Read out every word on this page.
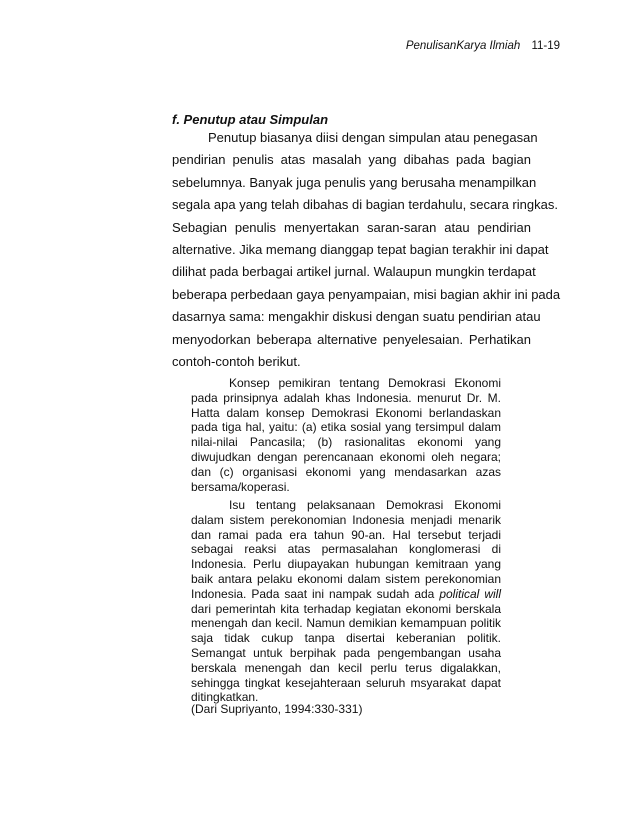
PenulisanKarya Ilmiah 11-19
f. Penutup atau Simpulan
Penutup biasanya diisi dengan simpulan atau penegasan
pendirian penulis atas masalah yang dibahas pada bagian
sebelumnya. Banyak juga penulis yang berusaha menampilkan
segala apa yang telah dibahas di bagian terdahulu, secara ringkas.
Sebagian penulis menyertakan saran-saran atau pendirian
alternative. Jika memang dianggap tepat bagian terakhir ini dapat
dilihat pada berbagai artikel jurnal. Walaupun mungkin terdapat
beberapa perbedaan gaya penyampaian, misi bagian akhir ini pada
dasarnya sama: mengakhir diskusi dengan suatu pendirian atau
menyodorkan beberapa alternative penyelesaian. Perhatikan
contoh-contoh berikut.
Konsep pemikiran tentang Demokrasi Ekonomi
pada prinsipnya adalah khas Indonesia. menurut Dr. M.
Hatta dalam konsep Demokrasi Ekonomi berlandaskan
pada tiga hal, yaitu: (a) etika sosial yang tersimpul dalam
nilai-nilai Pancasila; (b) rasionalitas ekonomi yang
diwujudkan dengan perencanaan ekonomi oleh negara;
dan (c) organisasi ekonomi yang mendasarkan azas
bersama/koperasi.
Isu tentang pelaksanaan Demokrasi Ekonomi
dalam sistem perekonomian Indonesia menjadi menarik
dan ramai pada era tahun 90-an. Hal tersebut terjadi
sebagai reaksi atas permasalahan konglomerasi di
Indonesia. Perlu diupayakan hubungan kemitraan yang
baik antara pelaku ekonomi dalam sistem perekonomian
Indonesia. Pada saat ini nampak sudah ada political will
dari pemerintah kita terhadap kegiatan ekonomi berskala
menengah dan kecil. Namun demikian kemampuan politik
saja tidak cukup tanpa disertai keberanian politik.
Semangat untuk berpihak pada pengembangan usaha
berskala menengah dan kecil perlu terus digalakkan,
sehingga tingkat kesejahteraan seluruh msyarakat dapat
ditingkatkan.
(Dari Supriyanto, 1994:330-331)
